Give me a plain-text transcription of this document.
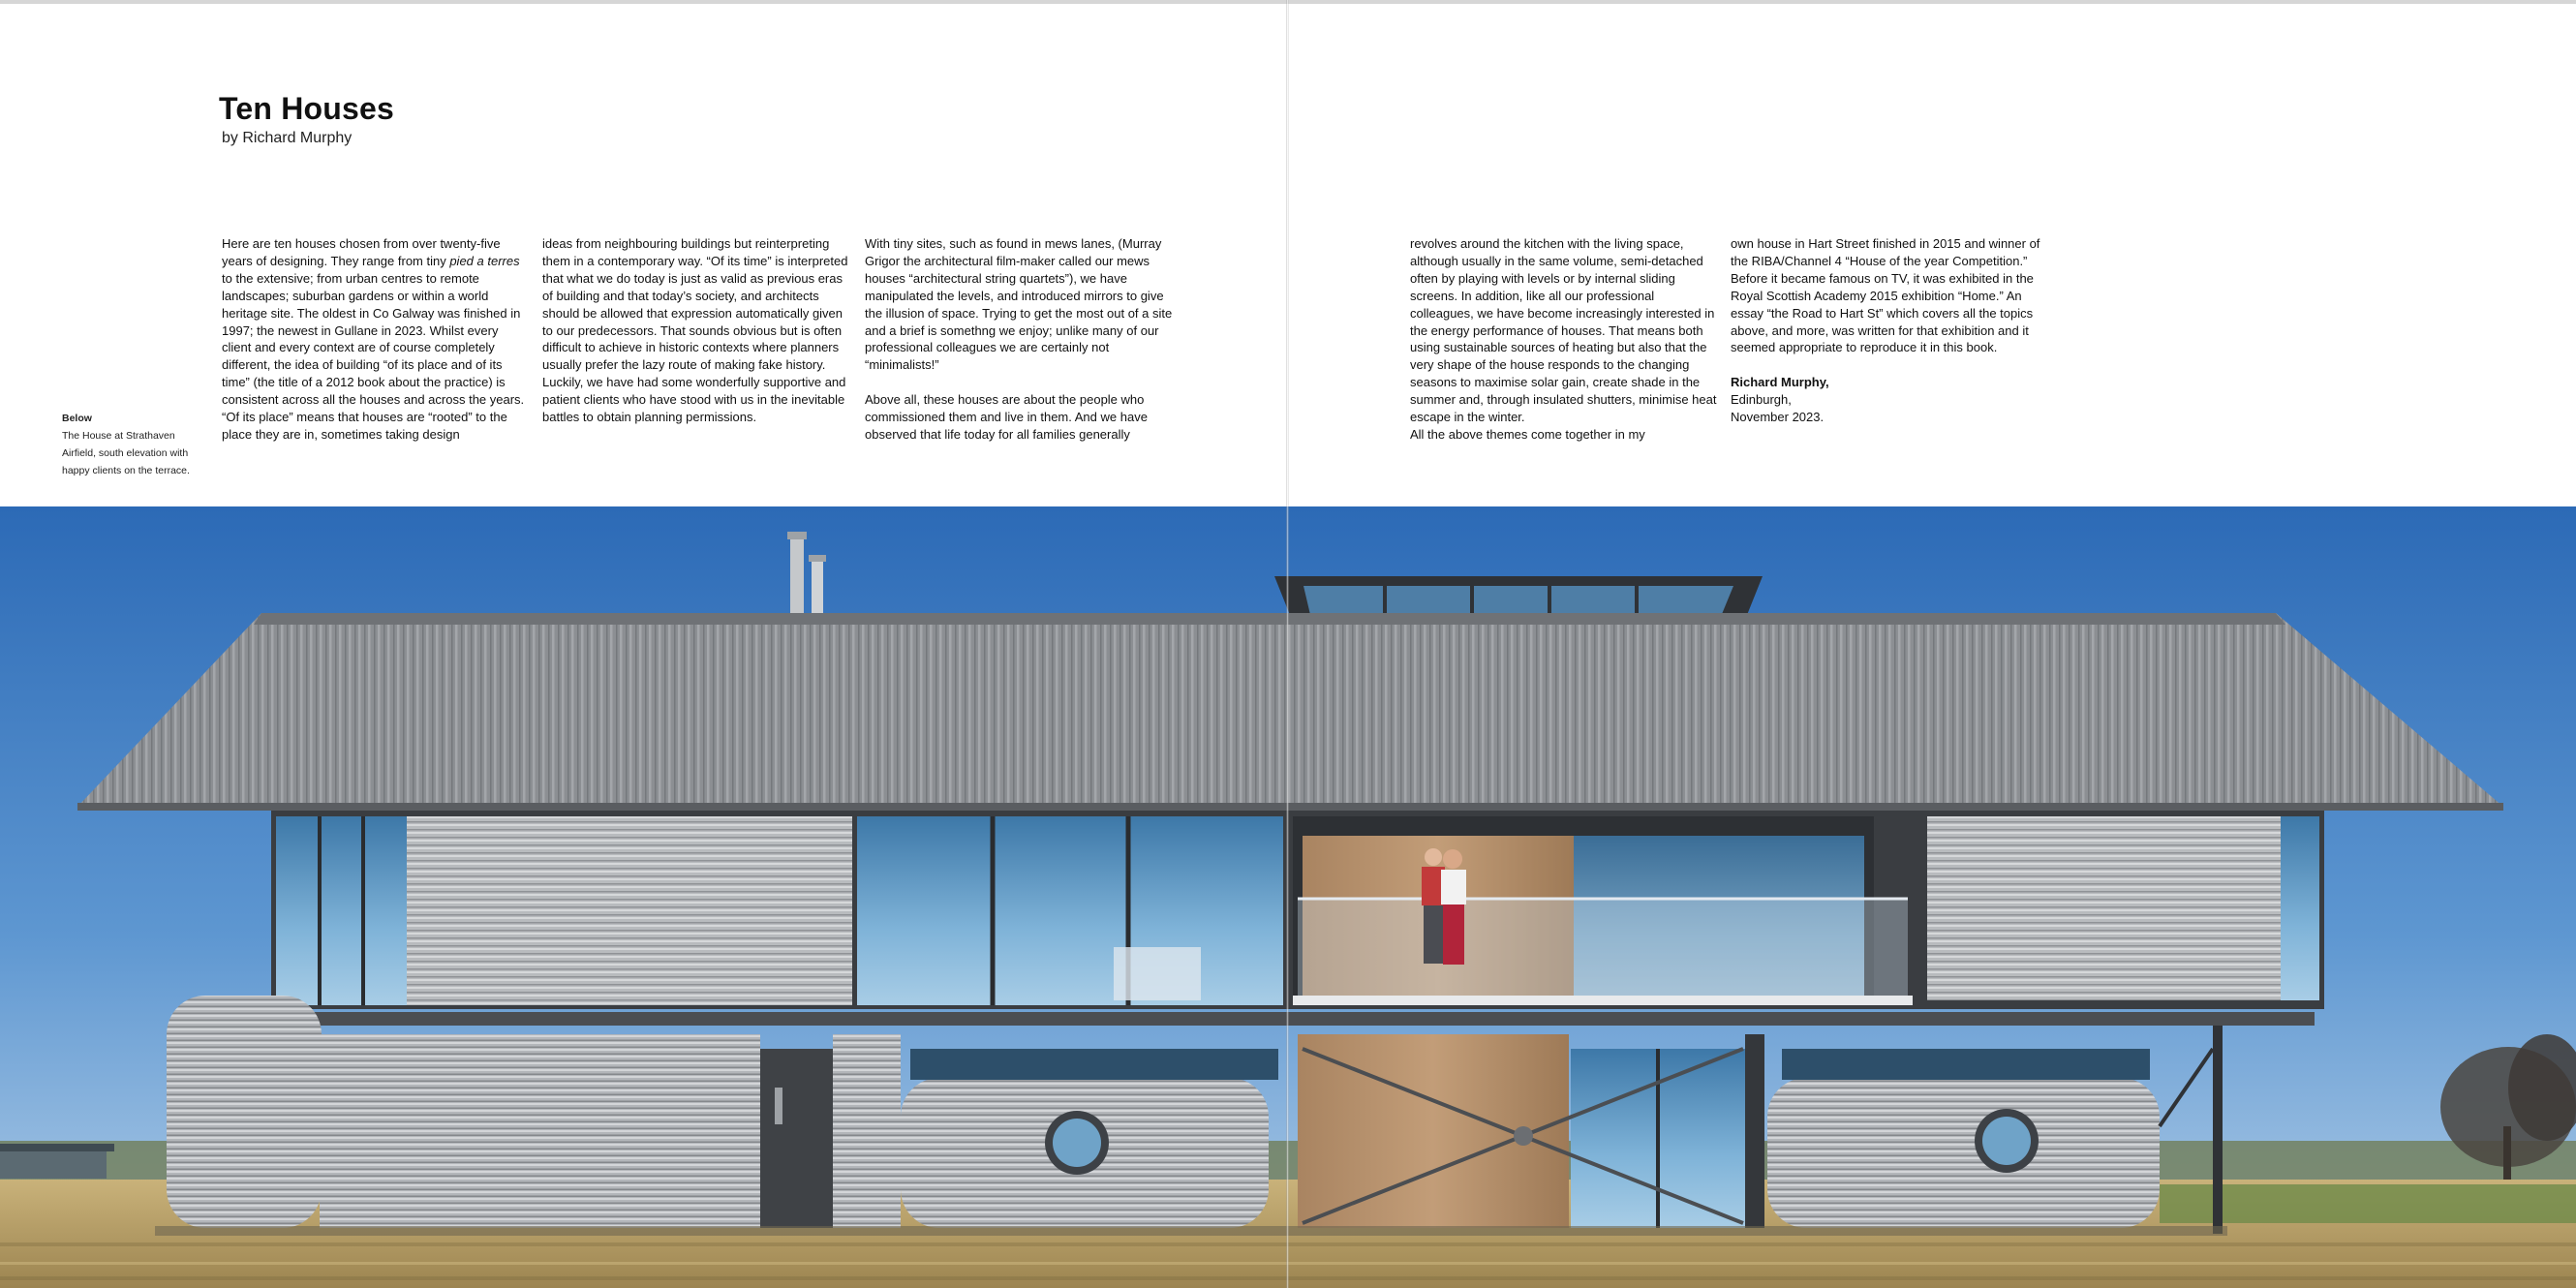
Ten Houses

by Richard Murphy

Here are ten houses chosen from over twenty-five years of designing. They range from tiny pied a terres to the extensive; from urban centres to remote landscapes; suburban gardens or within a world heritage site. The oldest in Co Galway was finished in 1997; the newest in Gullane in 2023. Whilst every client and every context are of course completely different, the idea of building “of its place and of its time” (the title of a 2012 book about the practice) is consistent across all the houses and across the years. “Of its place” means that houses are “rooted” to the place they are in, sometimes taking design

ideas from neighbouring buildings but reinterpreting them in a contemporary way. “Of its time” is interpreted that what we do today is just as valid as previous eras of building and that today’s society, and architects should be allowed that expression automatically given to our predecessors. That sounds obvious but is often difficult to achieve in historic contexts where planners usually prefer the lazy route of making fake history. Luckily, we have had some wonderfully supportive and patient clients who have stood with us in the inevitable battles to obtain planning permissions.

With tiny sites, such as found in mews lanes, (Murray Grigor the architectural film-maker called our mews houses “architectural string quartets”), we have manipulated the levels, and introduced mirrors to give the illusion of space. Trying to get the most out of a site and a brief is somethng we enjoy; unlike many of our professional colleagues we are certainly not “minimalists!”

Above all, these houses are about the people who commissioned them and live in them. And we have observed that life today for all families generally

revolves around the kitchen with the living space, although usually in the same volume, semi-detached often by playing with levels or by internal sliding screens. In addition, like all our professional colleagues, we have become increasingly interested in the energy performance of houses. That means both using sustainable sources of heating but also that the very shape of the house responds to the changing seasons to maximise solar gain, create shade in the summer and, through insulated shutters, minimise heat escape in the winter.

All the above themes come together in my

own house in Hart Street finished in 2015 and winner of the RIBA/Channel 4 “House of the year Competition.” Before it became famous on TV, it was exhibited in the Royal Scottish Academy 2015 exhibition “Home.” An essay “the Road to Hart St” which covers all the topics above, and more, was written for that exhibition and it seemed appropriate to reproduce it in this book.

Richard Murphy,
Edinburgh,
November 2023.
Below
The House at Strathaven Airfield, south elevation with happy clients on the terrace.
